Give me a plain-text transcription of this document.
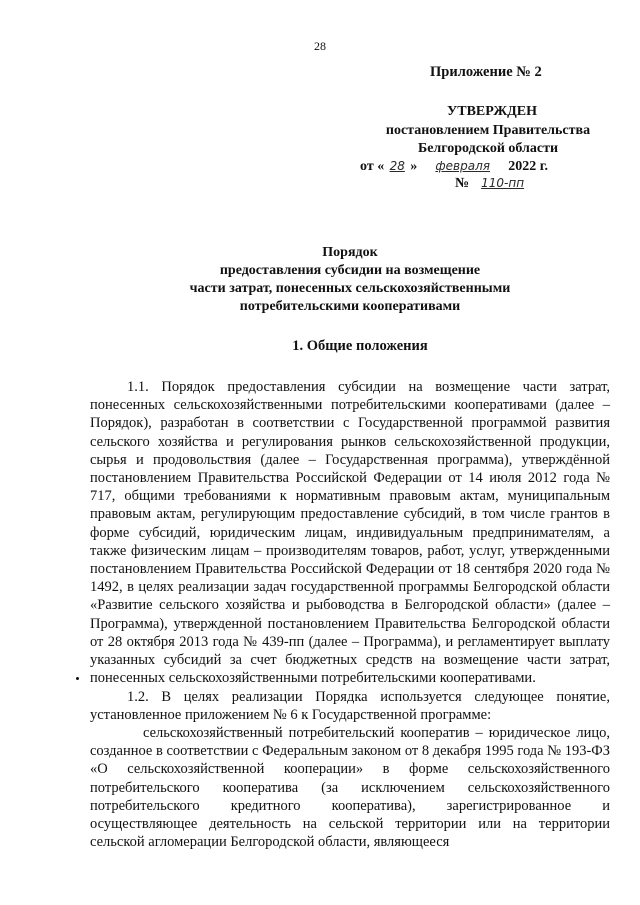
28
Приложение № 2
УТВЕРЖДЕН
постановлением Правительства
Белгородской области
от « 28 » февраля 2022 г.
№ 110-пп
Порядок
предоставления субсидии на возмещение
части затрат, понесенных сельскохозяйственными
потребительскими кооперативами
1. Общие положения

1.1. Порядок предоставления субсидии на возмещение части затрат, понесенных сельскохозяйственными потребительскими кооперативами (далее – Порядок), разработан в соответствии с Государственной программой развития сельского хозяйства и регулирования рынков сельскохозяйственной продукции, сырья и продовольствия (далее – Государственная программа), утверждённой постановлением Правительства Российской Федерации от 14 июля 2012 года № 717, общими требованиями к нормативным правовым актам, муниципальным правовым актам, регулирующим предоставление субсидий, в том числе грантов в форме субсидий, юридическим лицам, индивидуальным предпринимателям, а также физическим лицам – производителям товаров, работ, услуг, утвержденными постановлением Правительства Российской Федерации от 18 сентября 2020 года № 1492, в целях реализации задач государственной программы Белгородской области «Развитие сельского хозяйства и рыбоводства в Белгородской области» (далее – Программа), утвержденной постановлением Правительства Белгородской области от 28 октября 2013 года № 439-пп (далее – Программа), и регламентирует выплату указанных субсидий за счет бюджетных средств на возмещение части затрат, понесенных сельскохозяйственными потребительскими кооперативами.

1.2. В целях реализации Порядка используется следующее понятие, установленное приложением № 6 к Государственной программе:

сельскохозяйственный потребительский кооператив – юридическое лицо, созданное в соответствии с Федеральным законом от 8 декабря 1995 года № 193-ФЗ «О сельскохозяйственной кооперации» в форме сельскохозяйственного потребительского кооператива (за исключением сельскохозяйственного потребительского кредитного кооператива), зарегистрированное и осуществляющее деятельность на сельской территории или на территории сельской агломерации Белгородской области, являющееся
